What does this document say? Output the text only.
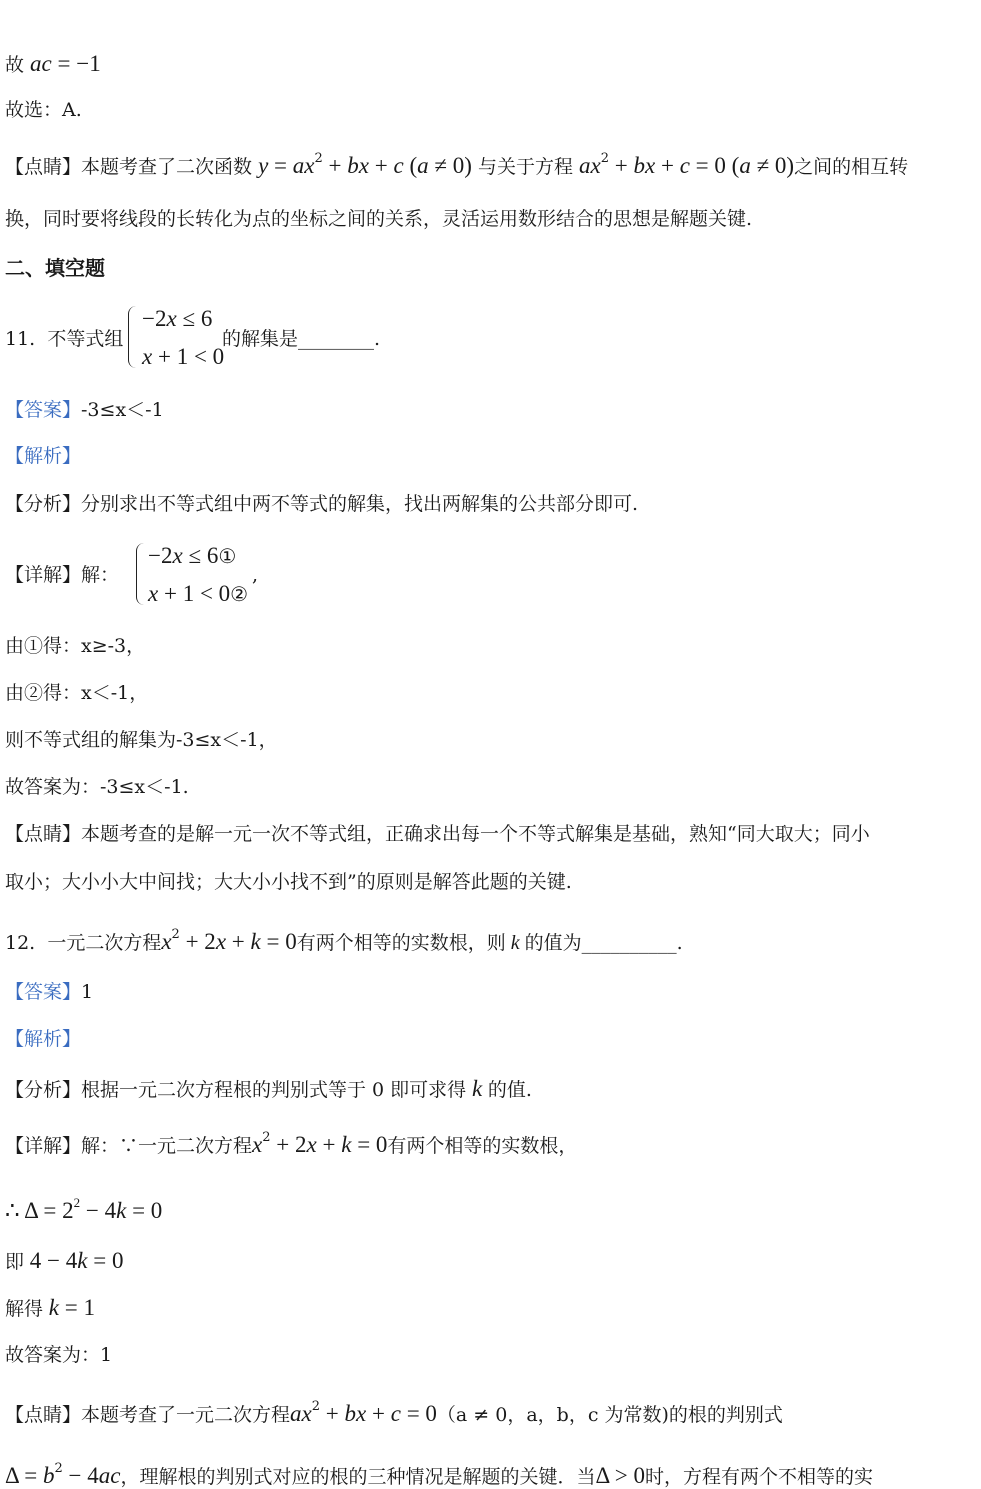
故 ac = −1
故选：A.
【点睛】本题考查了二次函数 $y = ax^2$ + bx + c (a ≠ 0) 与关于方程 $ax^2$ + bx + c = 0 (a ≠ 0)之间的相互转
换，同时要将线段的长转化为点的坐标之间的关系，灵活运用数形结合的思想是解题关键.
二、填空题
11. 不等式组
−2x ≤ 6
x + 1 < 0
的解集是________.
【答案】-3≤x＜-1
【解析】
【分析】分别求出不等式组中两不等式的解集，找出两解集的公共部分即可.
【详解】解：
−2x ≤ 6①
x + 1 < 0②
,
由①得：x≥-3，
由②得：x＜-1，
则不等式组的解集为-3≤x＜-1，
故答案为：-3≤x＜-1.
【点睛】本题考查的是解一元一次不等式组，正确求出每一个不等式解集是基础，熟知“同大取大；同小
取小；大小小大中间找；大大小小找不到”的原则是解答此题的关键.
12. 一元二次方程$x^2 + 2x + k = 0$有两个相等的实数根，则 k 的值为__________.
【答案】1
【解析】
【分析】根据一元二次方程根的判别式等于 0 即可求得 k 的值.
【详解】解：∵一元二次方程$x^2 + 2x + k = 0$有两个相等的实数根，
∴ $\Delta = 2^2 - 4k = 0$
即 4 − 4k = 0
解得 k = 1
故答案为：1
【点睛】本题考查了一元二次方程$ax^2$ + bx + c = 0（a ≠ 0，a，b，c 为常数)的根的判别式
$\Delta = b^2 - 4ac$，理解根的判别式对应的根的三种情况是解题的关键．当Δ > 0时，方程有两个不相等的实
